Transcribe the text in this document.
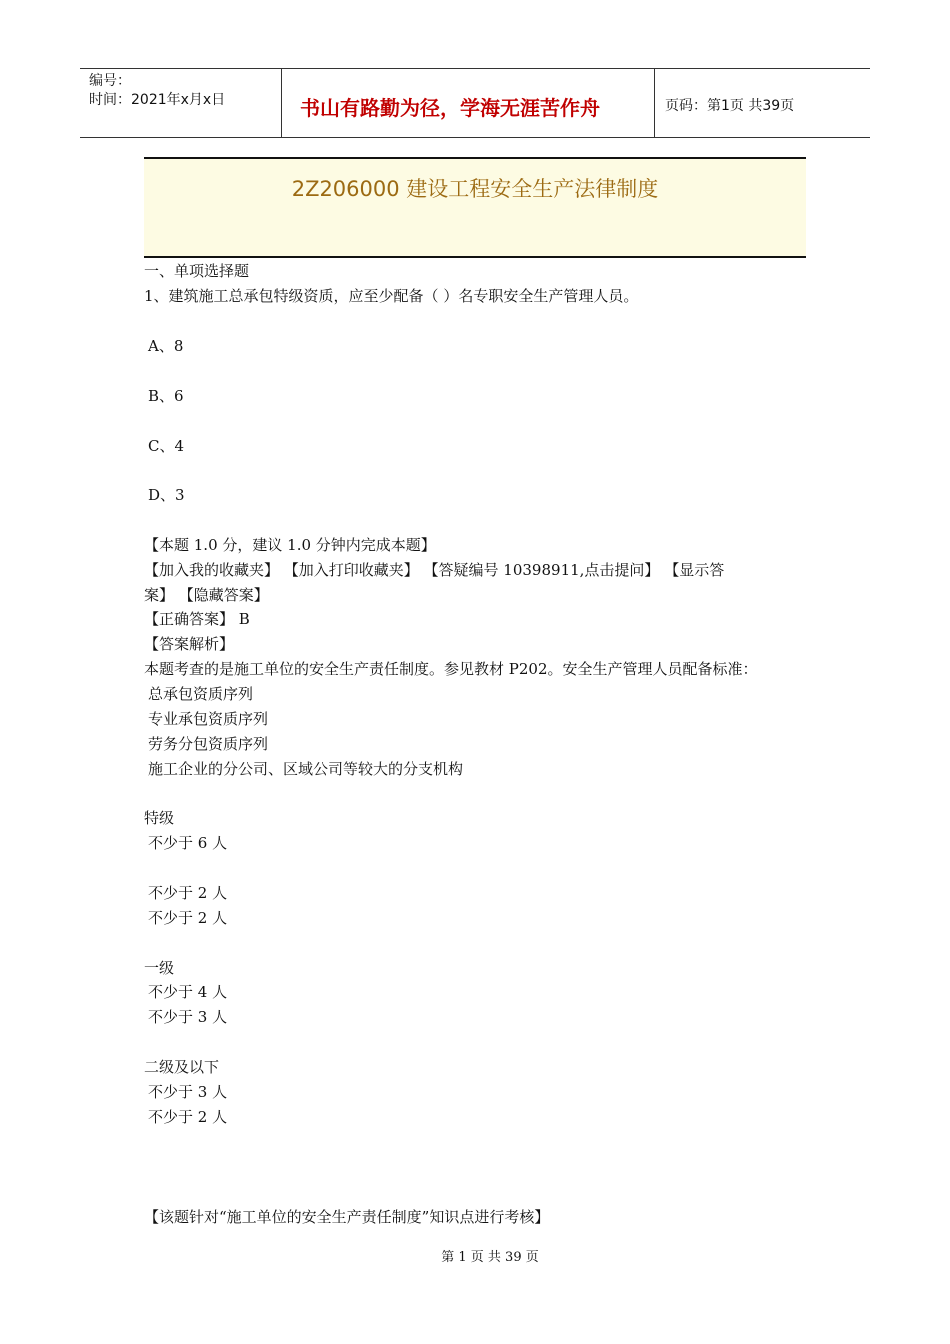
编号：
时间：2021年x月x日	书山有路勤为径，学海无涯苦作舟	页码：第1页 共39页
2Z206000 建设工程安全生产法律制度
一、单项选择题
1、建筑施工总承包特级资质，应至少配备（ ）名专职安全生产管理人员。
A、8
B、6
C、4
D、3
【本题 1.0 分，建议 1.0 分钟内完成本题】
【加入我的收藏夹】 【加入打印收藏夹】 【答疑编号 10398911,点击提问】 【显示答
案】 【隐藏答案】
【正确答案】 B
【答案解析】
本题考查的是施工单位的安全生产责任制度。参见教材 P202。安全生产管理人员配备标准：
总承包资质序列
专业承包资质序列
劳务分包资质序列
施工企业的分公司、区域公司等较大的分支机构
特级
不少于 6 人
不少于 2 人
不少于 2 人
一级
不少于 4 人
不少于 3 人
二级及以下
不少于 3 人
不少于 2 人
【该题针对“施工单位的安全生产责任制度”知识点进行考核】
第 1 页 共 39 页
